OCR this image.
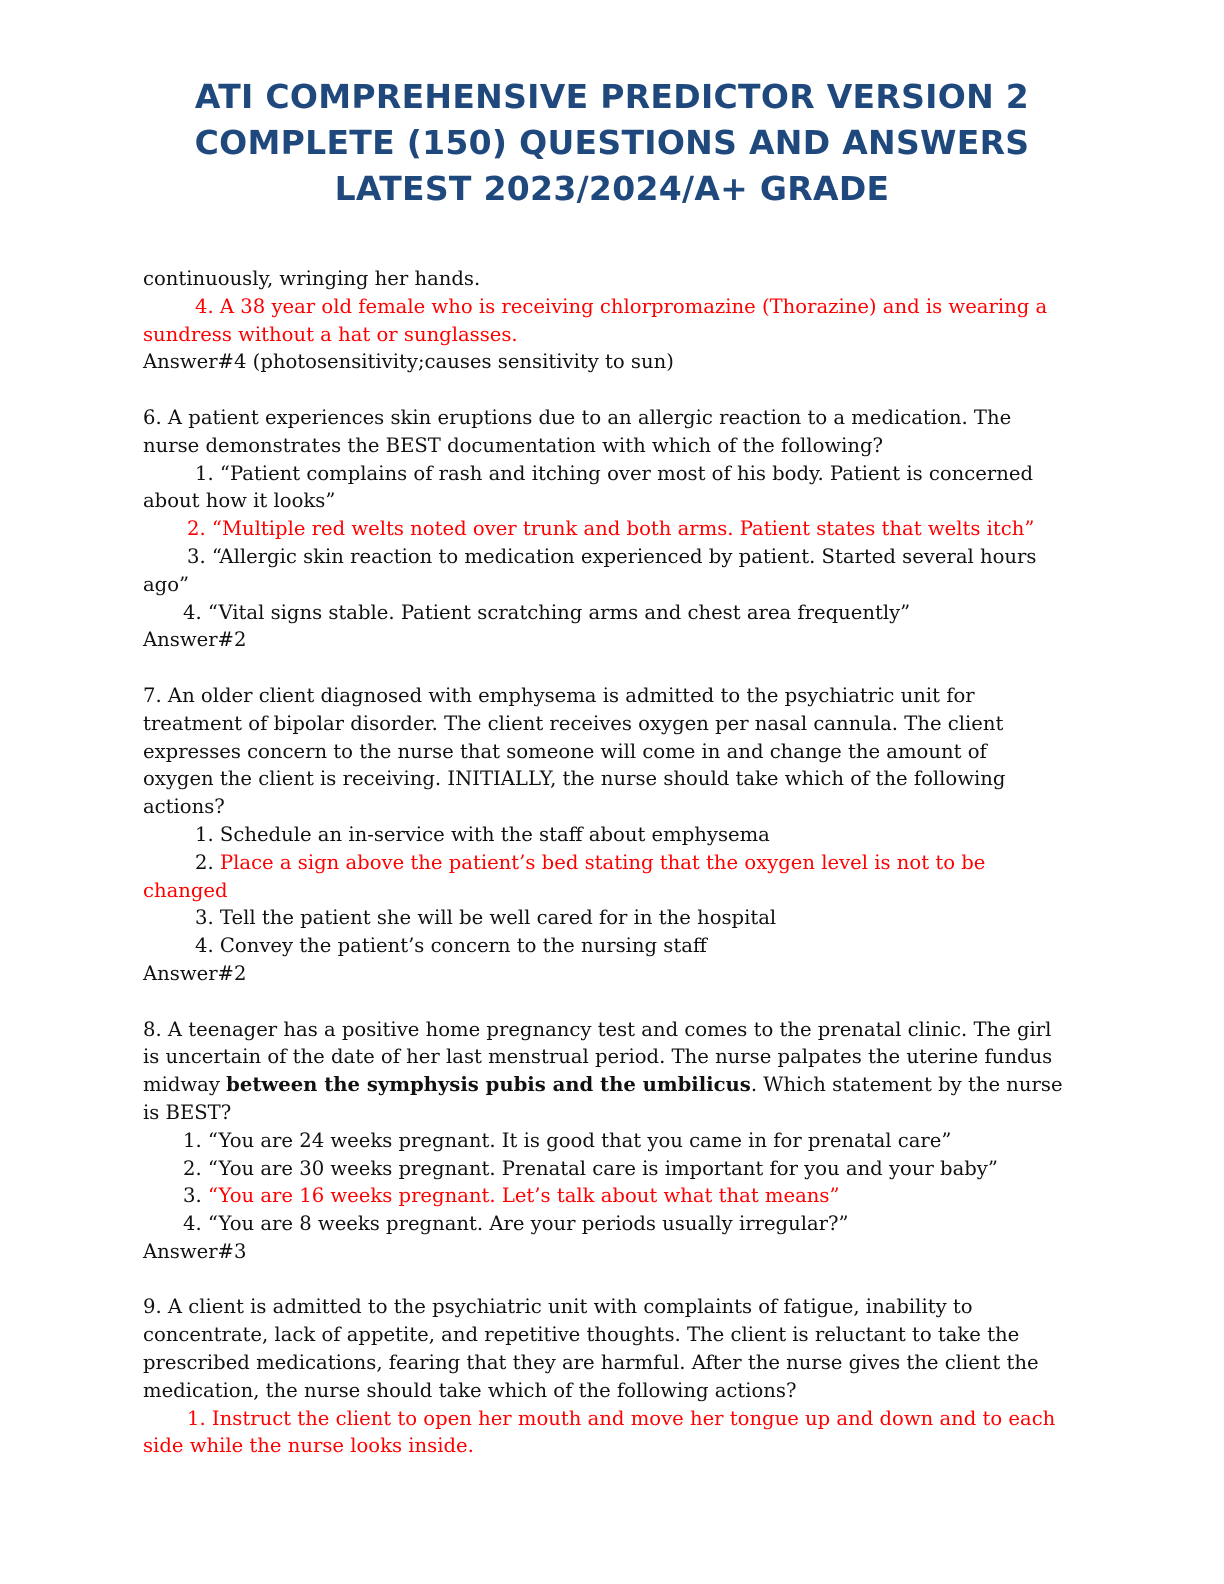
ATI COMPREHENSIVE PREDICTOR VERSION 2
COMPLETE (150) QUESTIONS AND ANSWERS
LATEST 2023/2024/A+ GRADE
continuously, wringing her hands.
4. A 38 year old female who is receiving chlorpromazine (Thorazine) and is wearing a
sundress without a hat or sunglasses.
Answer#4 (photosensitivity;causes sensitivity to sun)
6. A patient experiences skin eruptions due to an allergic reaction to a medication. The
nurse demonstrates the BEST documentation with which of the following?
1. “Patient complains of rash and itching over most of his body. Patient is concerned
about how it looks”
2. “Multiple red welts noted over trunk and both arms. Patient states that welts itch”
3. “Allergic skin reaction to medication experienced by patient. Started several hours
ago”
4. “Vital signs stable. Patient scratching arms and chest area frequently”
Answer#2
7. An older client diagnosed with emphysema is admitted to the psychiatric unit for
treatment of bipolar disorder. The client receives oxygen per nasal cannula. The client
expresses concern to the nurse that someone will come in and change the amount of
oxygen the client is receiving. INITIALLY, the nurse should take which of the following
actions?
1. Schedule an in-service with the staff about emphysema
2. Place a sign above the patient’s bed stating that the oxygen level is not to be
changed
3. Tell the patient she will be well cared for in the hospital
4. Convey the patient’s concern to the nursing staff
Answer#2
8. A teenager has a positive home pregnancy test and comes to the prenatal clinic. The girl
is uncertain of the date of her last menstrual period. The nurse palpates the uterine fundus
midway between the symphysis pubis and the umbilicus. Which statement by the nurse
is BEST?
1. “You are 24 weeks pregnant. It is good that you came in for prenatal care”
2. “You are 30 weeks pregnant. Prenatal care is important for you and your baby”
3. “You are 16 weeks pregnant. Let’s talk about what that means”
4. “You are 8 weeks pregnant. Are your periods usually irregular?”
Answer#3
9. A client is admitted to the psychiatric unit with complaints of fatigue, inability to
concentrate, lack of appetite, and repetitive thoughts. The client is reluctant to take the
prescribed medications, fearing that they are harmful. After the nurse gives the client the
medication, the nurse should take which of the following actions?
1. Instruct the client to open her mouth and move her tongue up and down and to each
side while the nurse looks inside.
